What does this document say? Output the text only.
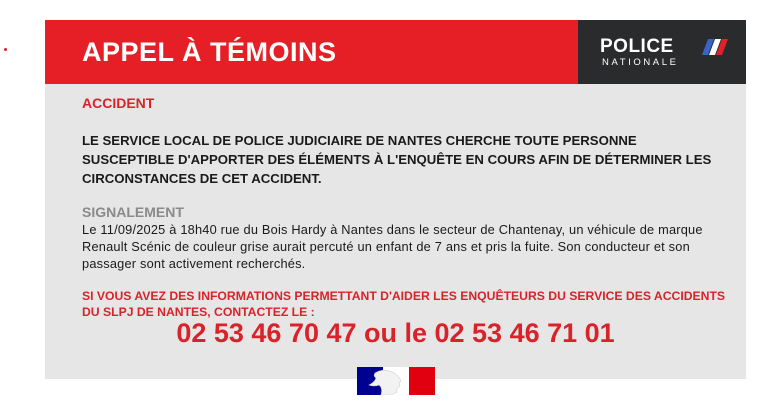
APPEL À TÉMOINS	POLICE
NATIONALE
ACCIDENT
LE SERVICE LOCAL DE POLICE JUDICIAIRE DE NANTES CHERCHE TOUTE PERSONNE SUSCEPTIBLE D'APPORTER DES ÉLÉMENTS À L'ENQUÊTE EN COURS AFIN DE DÉTERMINER LES CIRCONSTANCES DE CET ACCIDENT.
SIGNALEMENT
Le 11/09/2025 à 18h40 rue du Bois Hardy à Nantes dans le secteur de Chantenay, un véhicule de marque Renault Scénic de couleur grise aurait percuté un enfant de 7 ans et pris la fuite. Son conducteur et son passager sont activement recherchés.
SI VOUS AVEZ DES INFORMATIONS PERMETTANT D'AIDER LES ENQUÊTEURS DU SERVICE DES ACCIDENTS DU SLPJ DE NANTES, CONTACTEZ LE :
02 53 46 70 47 ou le 02 53 46 71 01
